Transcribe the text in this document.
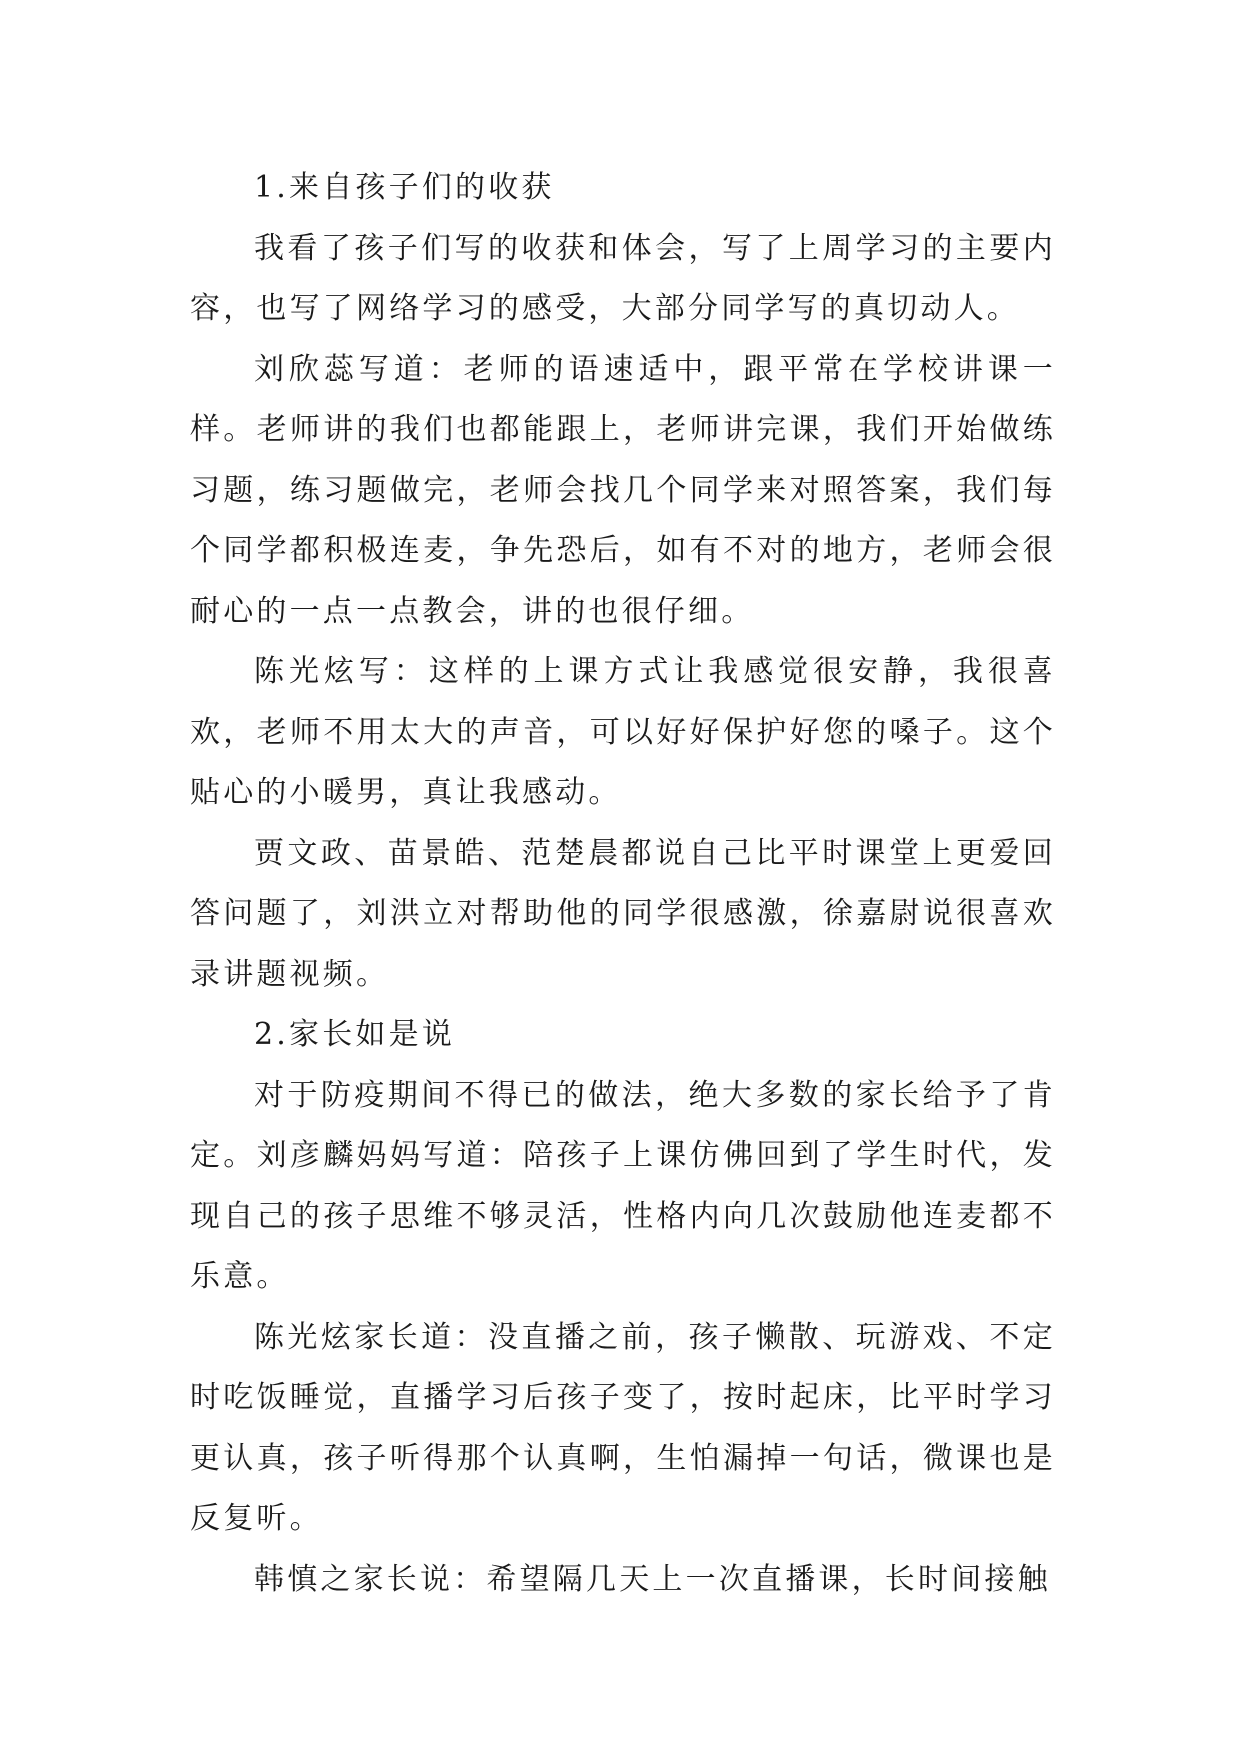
1.来自孩子们的收获

我看了孩子们写的收获和体会，写了上周学习的主要内容，也写了网络学习的感受，大部分同学写的真切动人。

刘欣蕊写道：老师的语速适中，跟平常在学校讲课一样。老师讲的我们也都能跟上，老师讲完课，我们开始做练习题，练习题做完，老师会找几个同学来对照答案，我们每个同学都积极连麦，争先恐后，如有不对的地方，老师会很耐心的一点一点教会，讲的也很仔细。

陈光炫写：这样的上课方式让我感觉很安静，我很喜欢，老师不用太大的声音，可以好好保护好您的嗓子。这个贴心的小暖男，真让我感动。

贾文政、苗景皓、范楚晨都说自己比平时课堂上更爱回答问题了，刘洪立对帮助他的同学很感激，徐嘉尉说很喜欢录讲题视频。

2.家长如是说

对于防疫期间不得已的做法，绝大多数的家长给予了肯定。刘彦麟妈妈写道：陪孩子上课仿佛回到了学生时代，发现自己的孩子思维不够灵活，性格内向几次鼓励他连麦都不乐意。

陈光炫家长道：没直播之前，孩子懒散、玩游戏、不定时吃饭睡觉，直播学习后孩子变了，按时起床，比平时学习更认真，孩子听得那个认真啊，生怕漏掉一句话，微课也是反复听。

韩慎之家长说：希望隔几天上一次直播课，长时间接触
